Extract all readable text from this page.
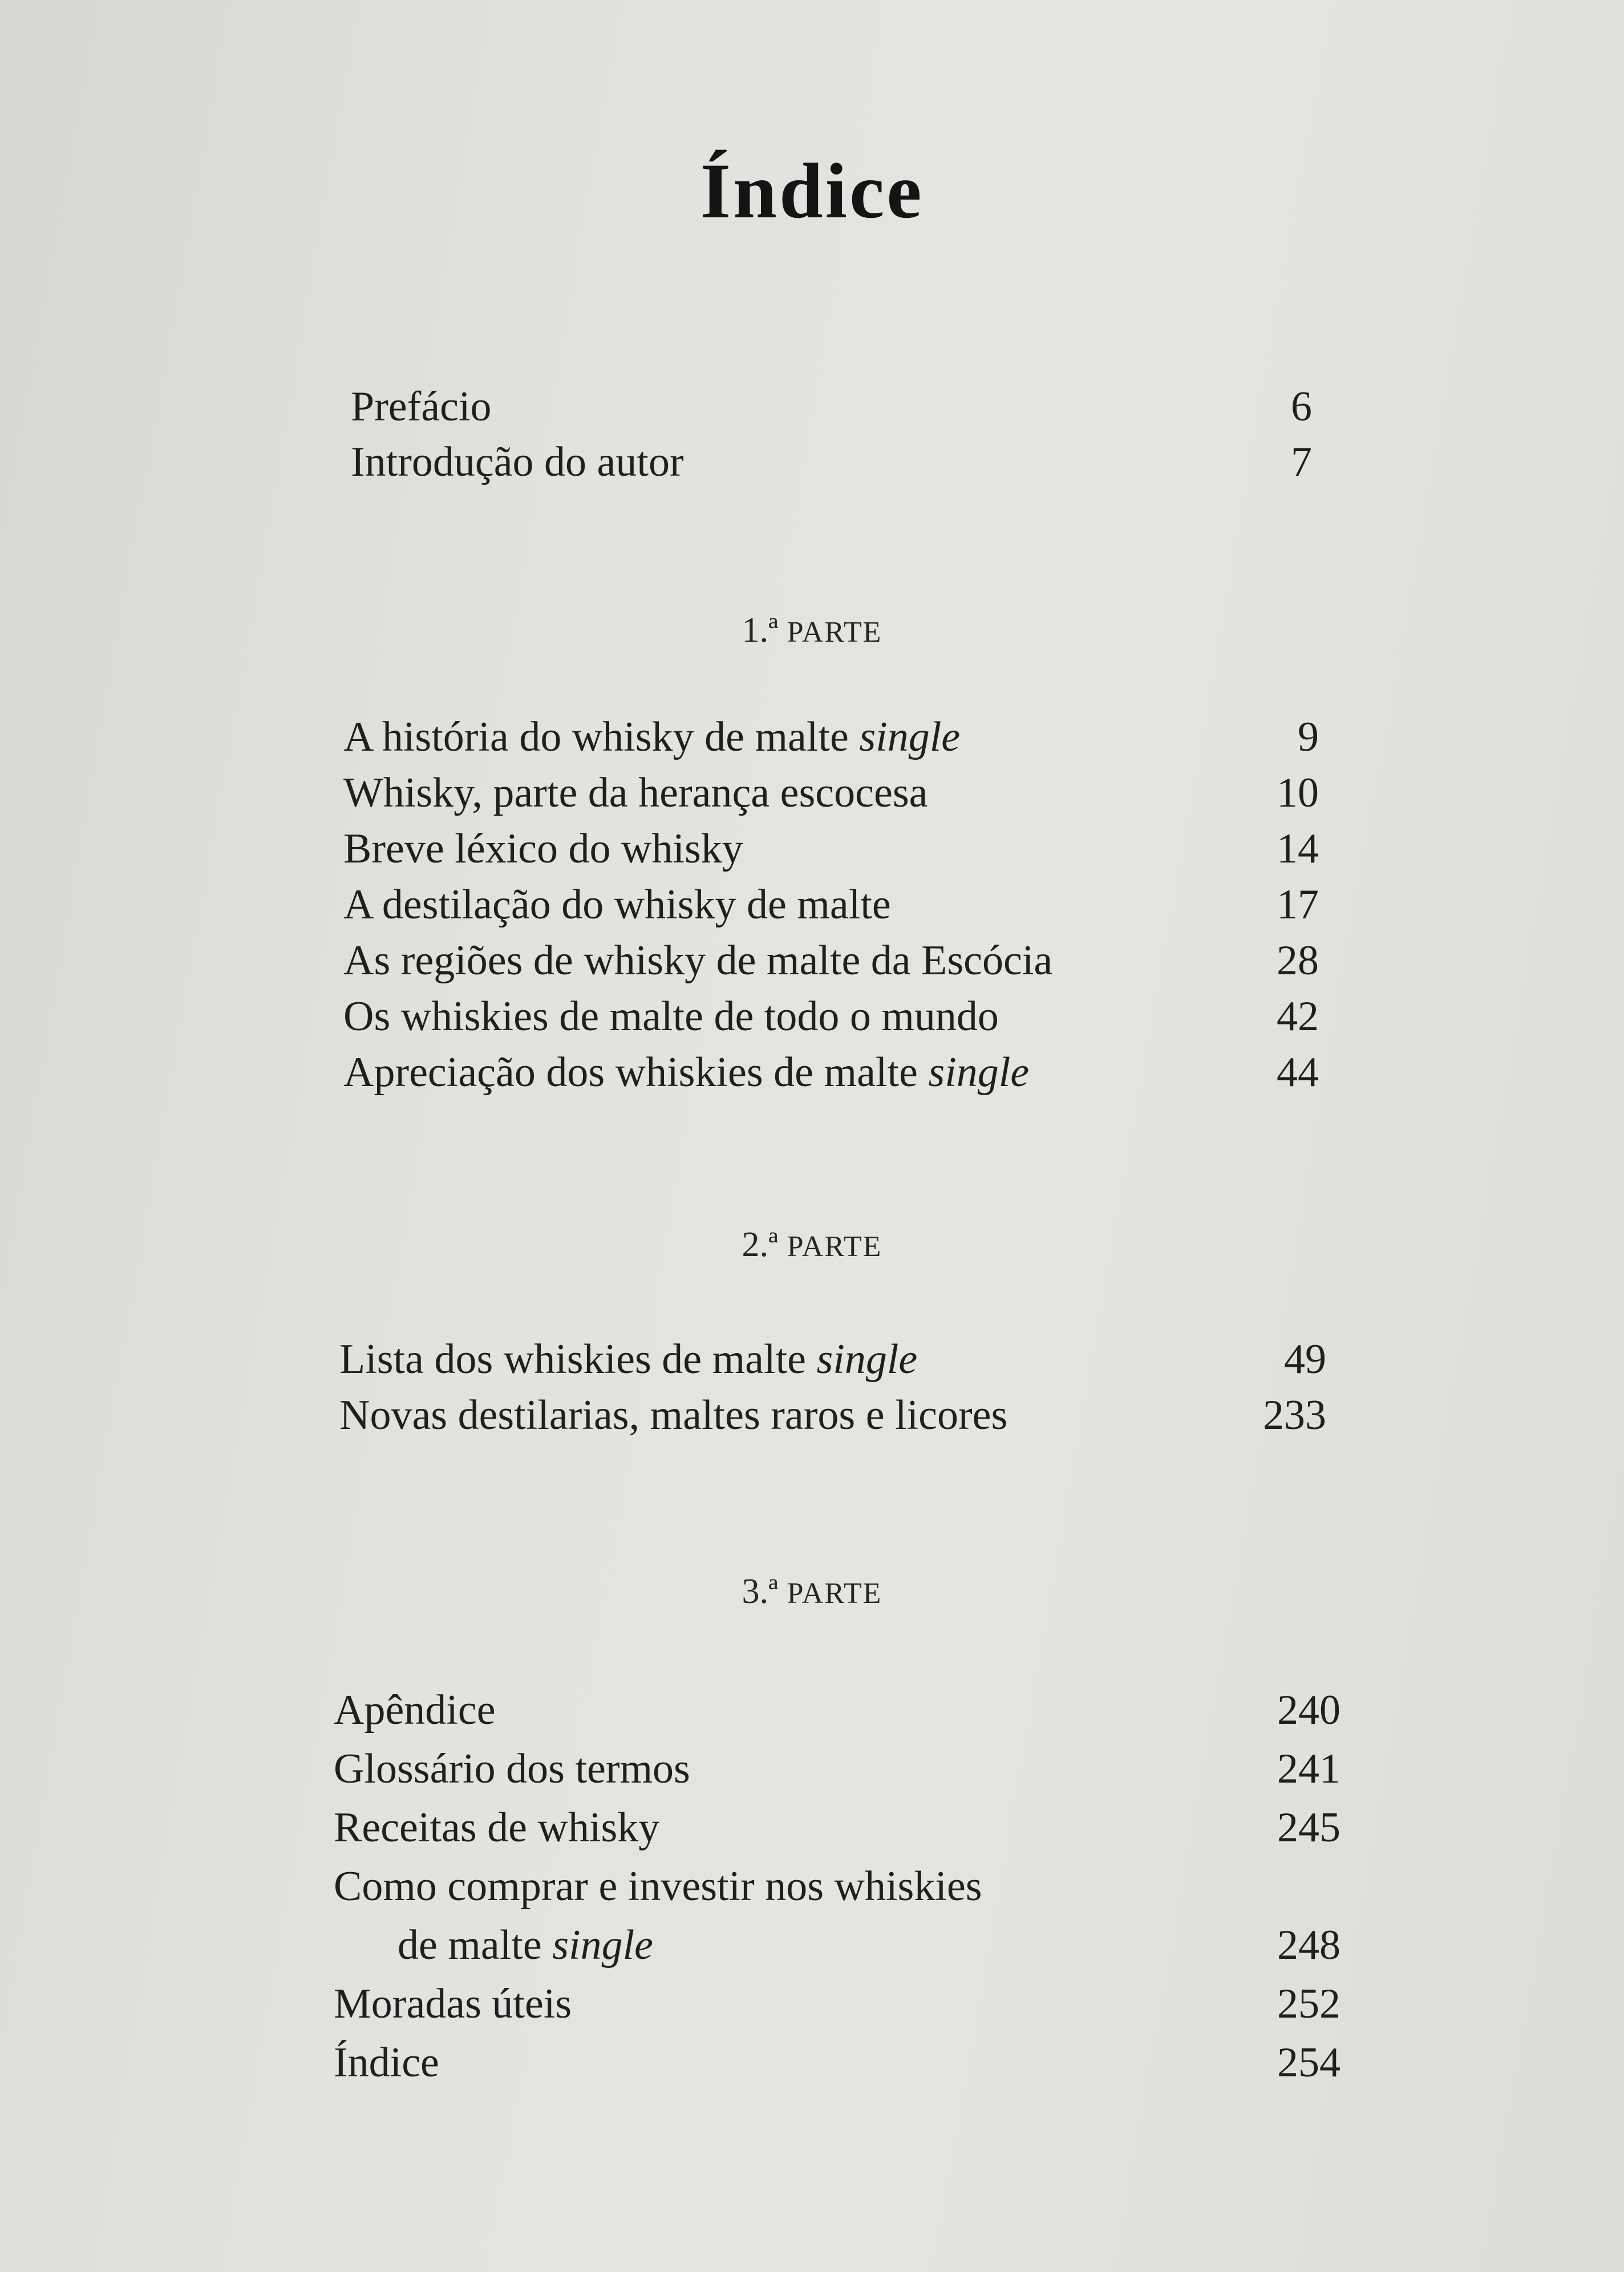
Índice
Prefácio	6
Introdução do autor	7
1.ª PARTE
A história do whisky de malte single	9
Whisky, parte da herança escocesa	10
Breve léxico do whisky	14
A destilação do whisky de malte	17
As regiões de whisky de malte da Escócia	28
Os whiskies de malte de todo o mundo	42
Apreciação dos whiskies de malte single	44
2.ª PARTE
Lista dos whiskies de malte single	49
Novas destilarias, maltes raros e licores	233
3.ª PARTE
Apêndice	240
Glossário dos termos	241
Receitas de whisky	245
Como comprar e investir nos whiskies
de malte single	248
Moradas úteis	252
Índice	254
